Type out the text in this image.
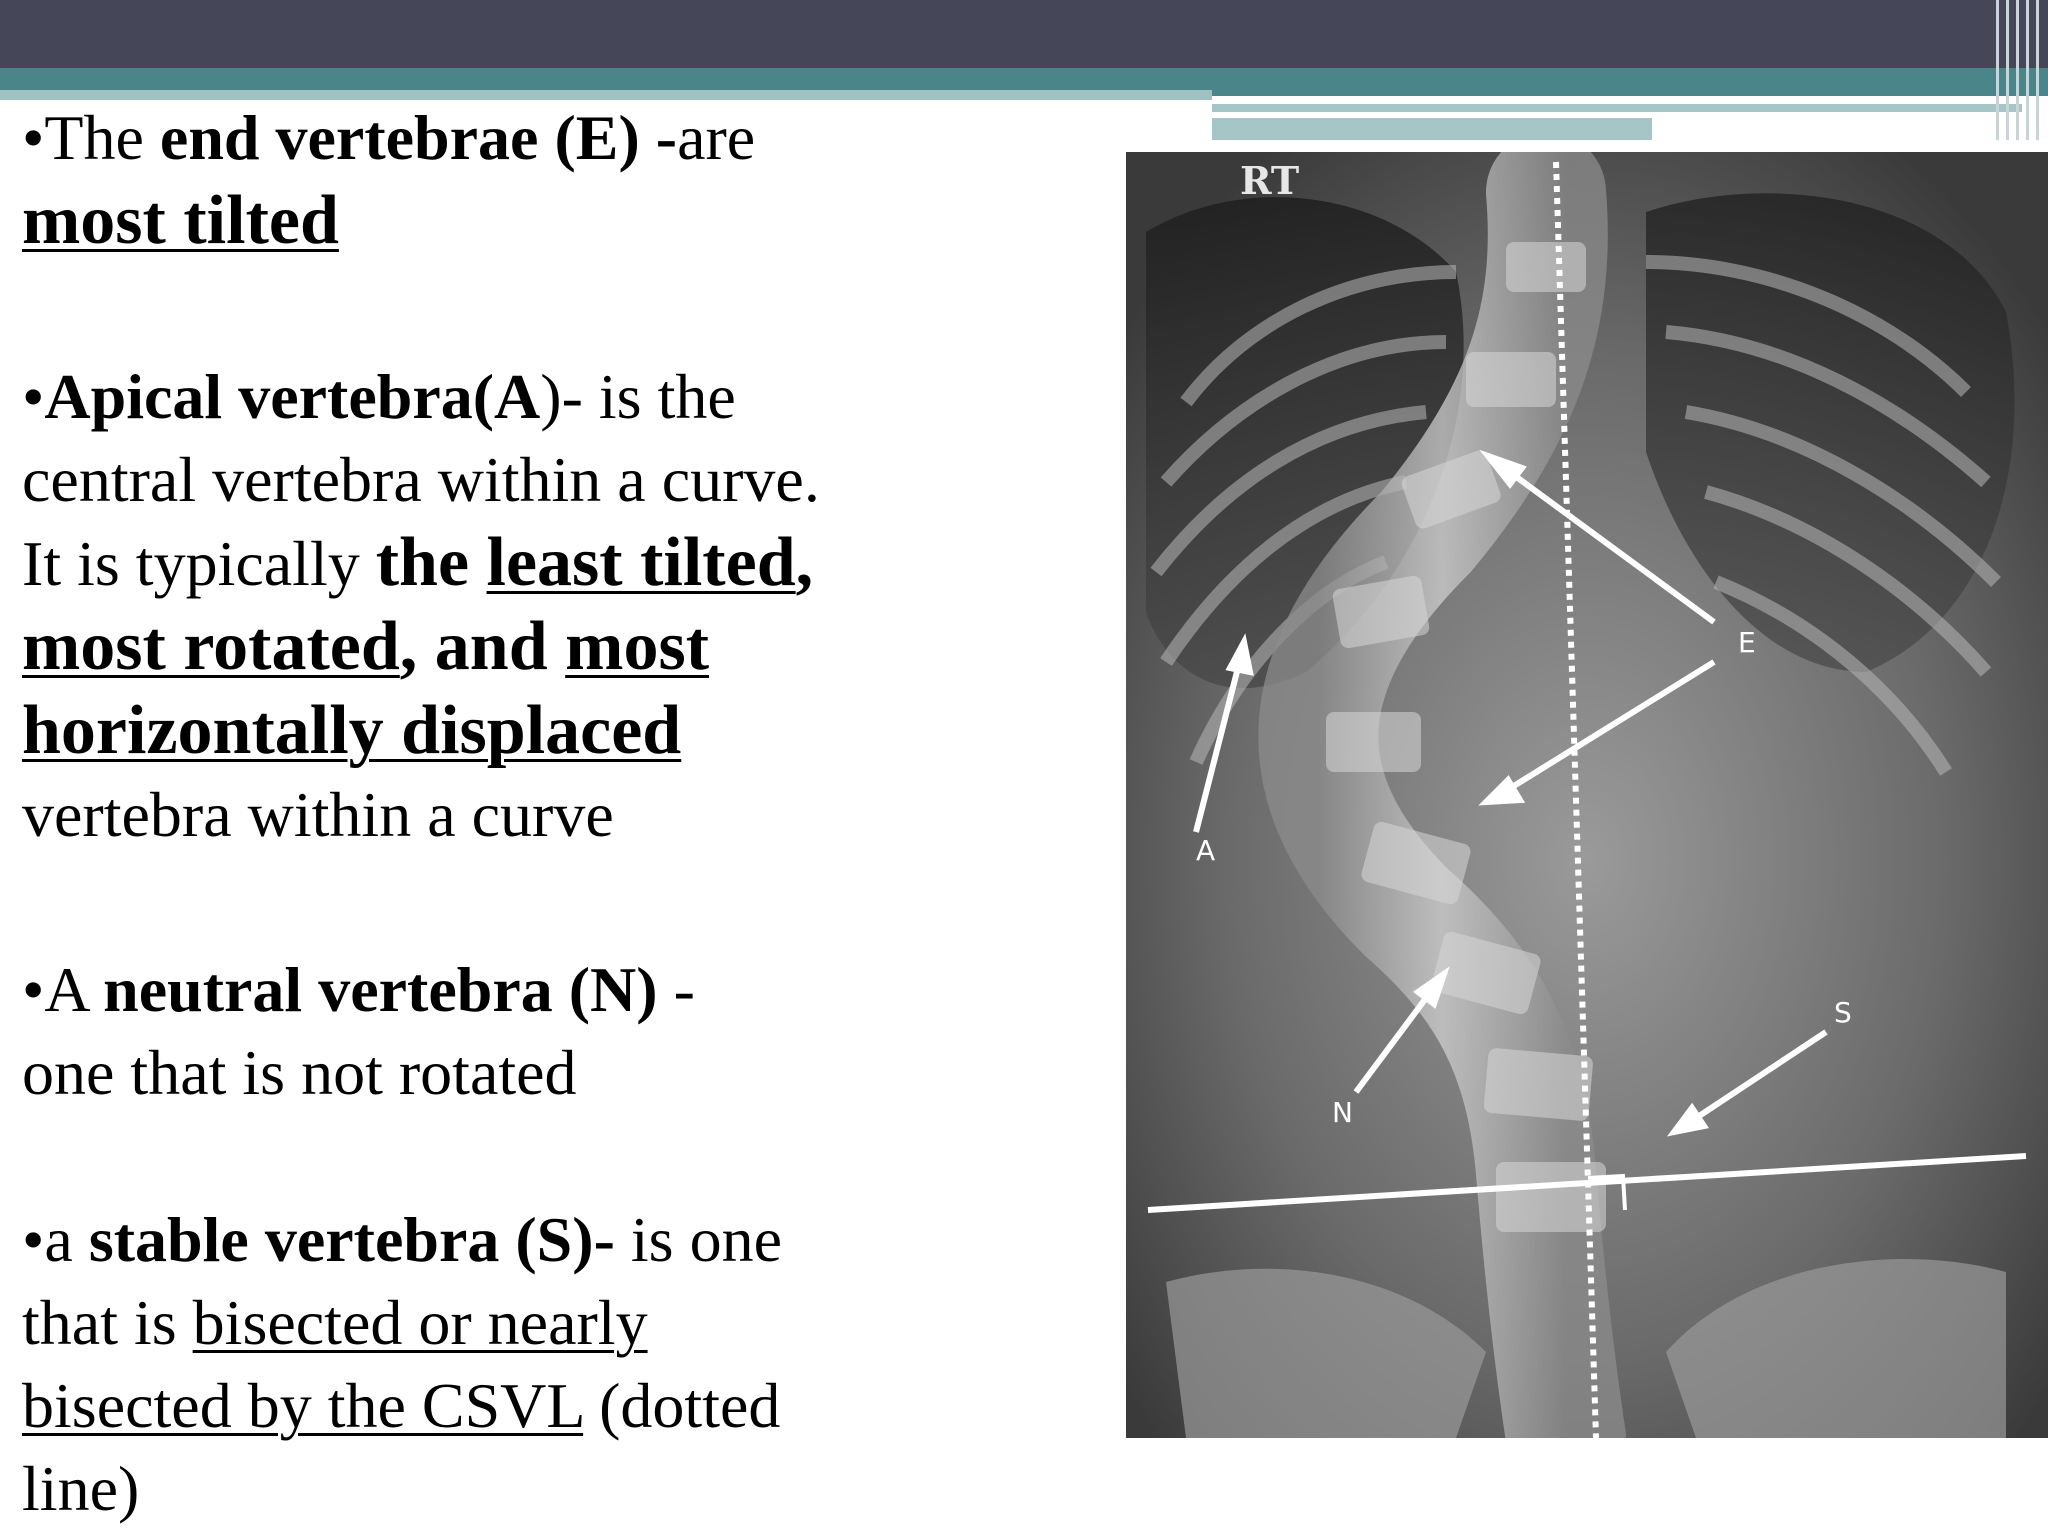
•The end vertebrae (E) -are
most tilted

•Apical vertebra(A)- is the
central vertebra within a curve.
It is typically the least tilted,
most rotated, and most
horizontally displaced
vertebra within a curve

•A neutral vertebra (N) -
one that is not rotated

•a stable vertebra (S)- is one
that is bisected or nearly
bisected by the CSVL (dotted
line)

RT
E
A
N
S
